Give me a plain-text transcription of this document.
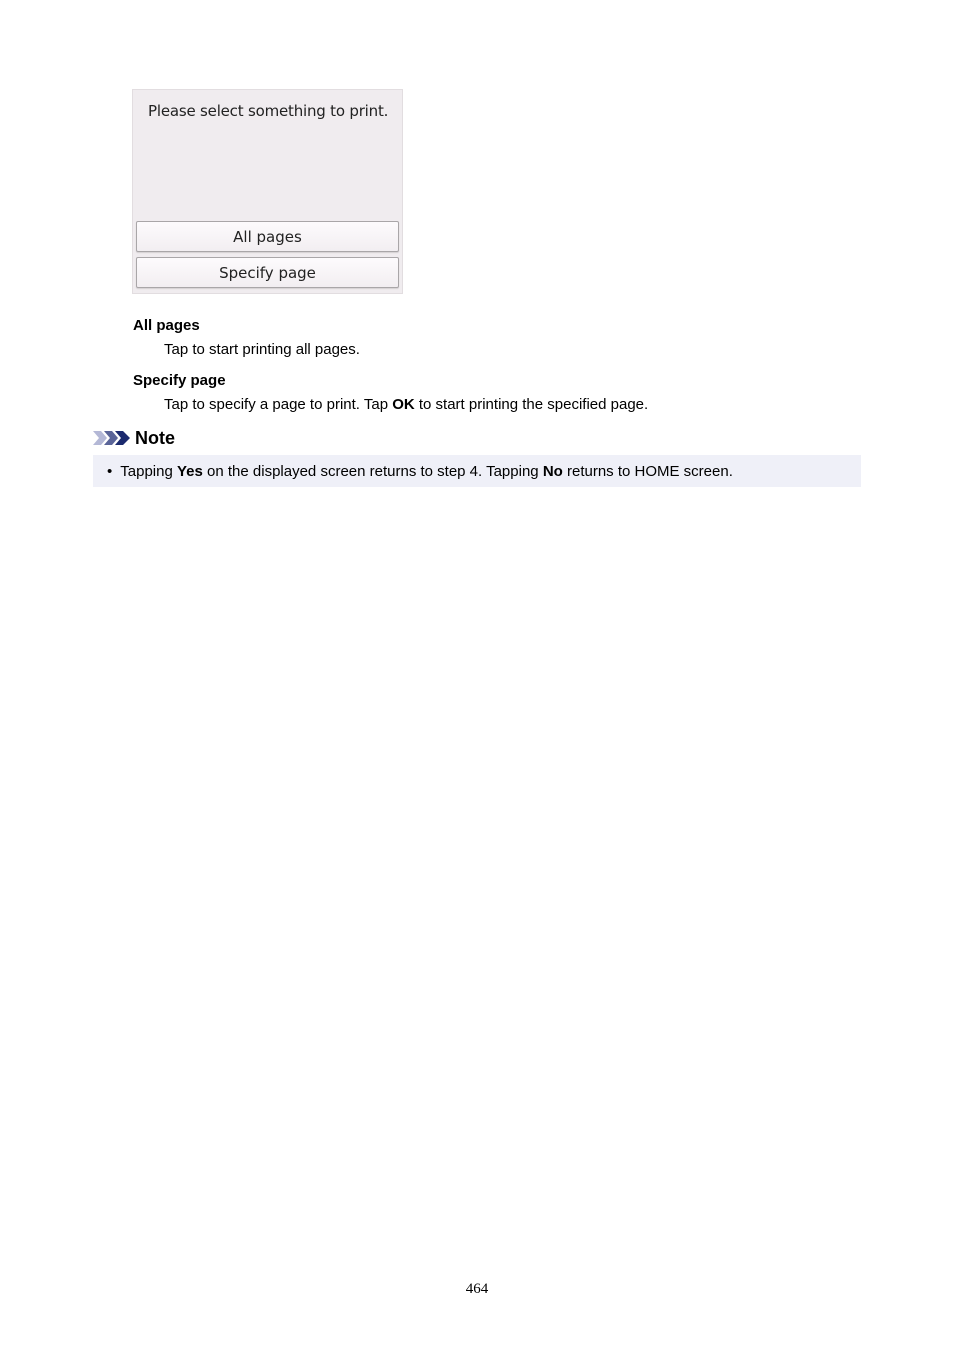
Please select something to print.
All pages
Specify page
All pages
Tap to start printing all pages.
Specify page
Tap to specify a page to print. Tap OK to start printing the specified page.
Note
• Tapping Yes on the displayed screen returns to step 4. Tapping No returns to HOME screen.
464
